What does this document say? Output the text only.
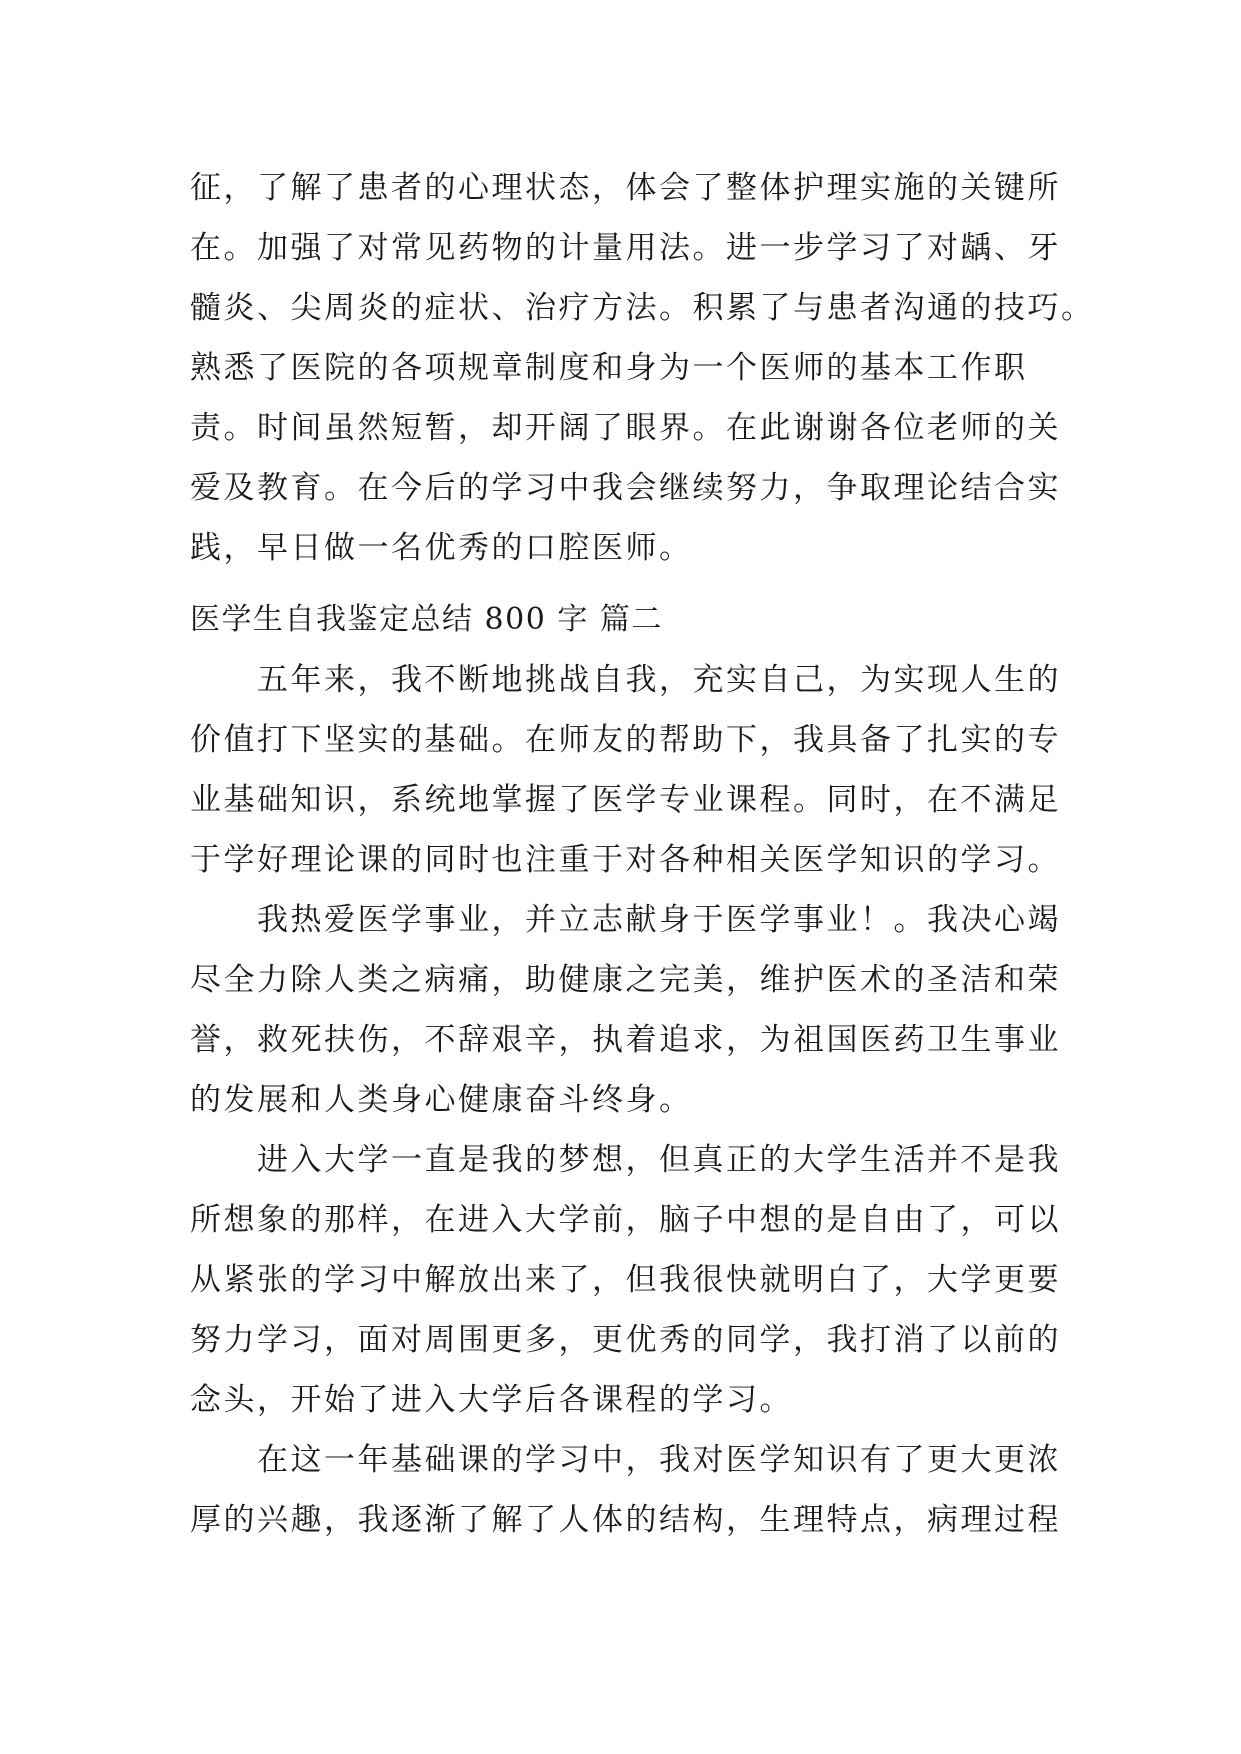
征，了解了患者的心理状态，体会了整体护理实施的关键所
在。加强了对常见药物的计量用法。进一步学习了对龋、牙
髓炎、尖周炎的症状、治疗方法。积累了与患者沟通的技巧。
熟悉了医院的各项规章制度和身为一个医师的基本工作职
责。时间虽然短暂，却开阔了眼界。在此谢谢各位老师的关
爱及教育。在今后的学习中我会继续努力，争取理论结合实
践，早日做一名优秀的口腔医师。
医学生自我鉴定总结 800 字 篇二
　　五年来，我不断地挑战自我，充实自己，为实现人生的
价值打下坚实的基础。在师友的帮助下，我具备了扎实的专
业基础知识，系统地掌握了医学专业课程。同时，在不满足
于学好理论课的同时也注重于对各种相关医学知识的学习。
　　我热爱医学事业，并立志献身于医学事业！。我决心竭
尽全力除人类之病痛，助健康之完美，维护医术的圣洁和荣
誉，救死扶伤，不辞艰辛，执着追求，为祖国医药卫生事业
的发展和人类身心健康奋斗终身。
　　进入大学一直是我的梦想，但真正的大学生活并不是我
所想象的那样，在进入大学前，脑子中想的是自由了，可以
从紧张的学习中解放出来了，但我很快就明白了，大学更要
努力学习，面对周围更多，更优秀的同学，我打消了以前的
念头，开始了进入大学后各课程的学习。
　　在这一年基础课的学习中，我对医学知识有了更大更浓
厚的兴趣，我逐渐了解了人体的结构，生理特点，病理过程
